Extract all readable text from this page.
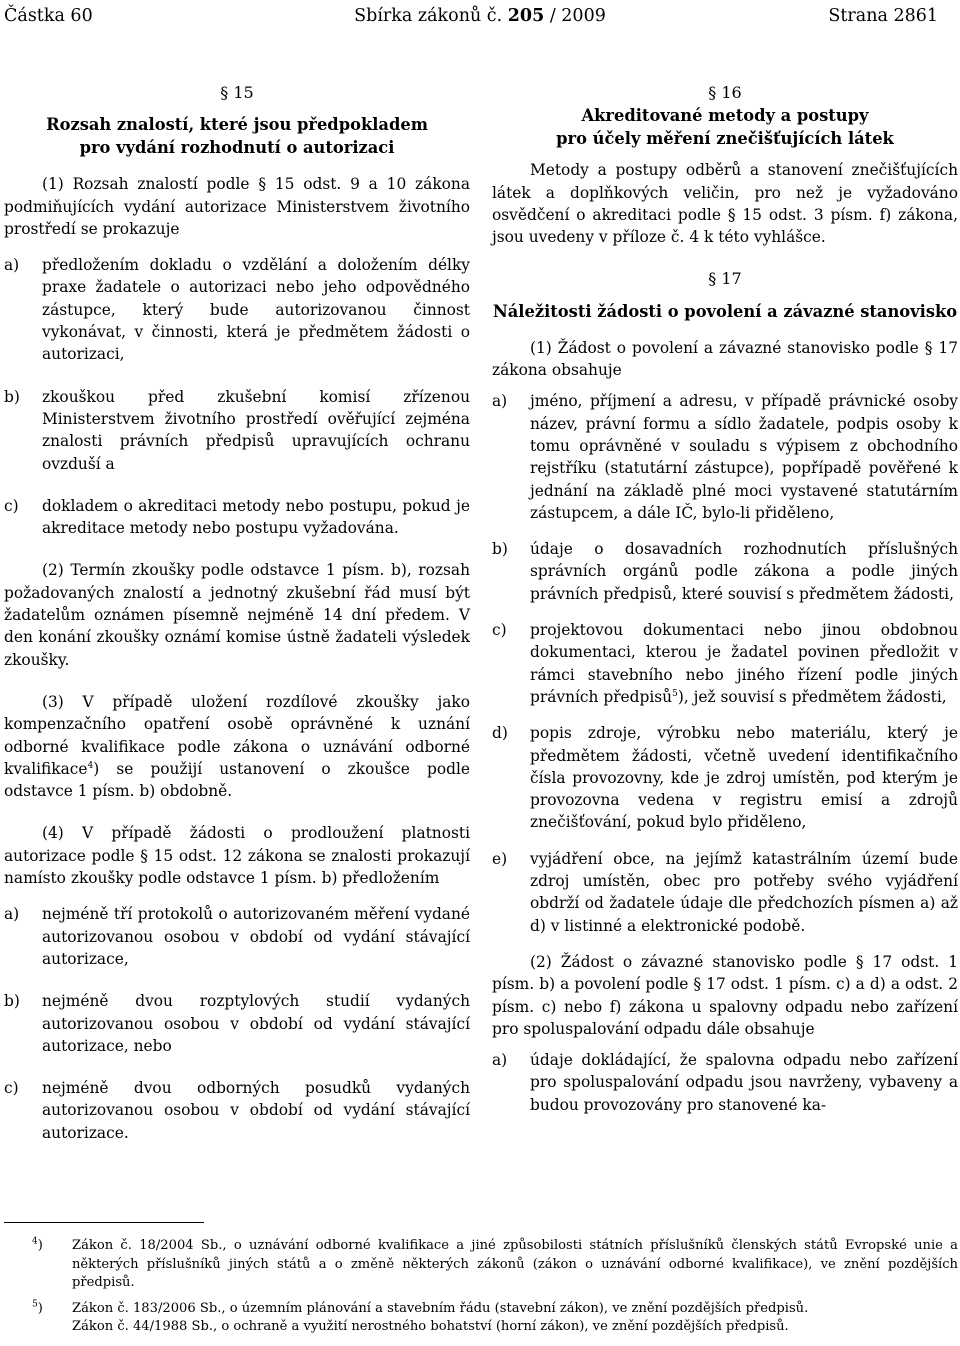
Částka 60	Sbírka zákonů č. 205 / 2009	Strana 2861

§ 15

Rozsah znalostí, které jsou předpokladem

pro vydání rozhodnutí o autorizaci

(1) Rozsah znalostí podle § 15 odst. 9 a 10 zákona podmiňujících vydání autorizace Ministerstvem životního prostředí se prokazuje

a) předložením dokladu o vzdělání a doložením délky praxe žadatele o autorizaci nebo jeho odpovědného zástupce, který bude autorizovanou činnost vykonávat, v činnosti, která je předmětem žádosti o autorizaci,
b) zkouškou před zkušební komisí zřízenou Ministerstvem životního prostředí ověřující zejména znalosti právních předpisů upravujících ochranu ovzduší a
c) dokladem o akreditaci metody nebo postupu, pokud je akreditace metody nebo postupu vyžadována.

(2) Termín zkoušky podle odstavce 1 písm. b), rozsah požadovaných znalostí a jednotný zkušební řád musí být žadatelům oznámen písemně nejméně 14 dní předem. V den konání zkoušky oznámí komise ústně žadateli výsledek zkoušky.

(3) V případě uložení rozdílové zkoušky jako kompenzačního opatření osobě oprávněné k uznání odborné kvalifikace podle zákona o uznávání odborné kvalifikace$^4$) se použijí ustanovení o zkoušce podle odstavce 1 písm. b) obdobně.

(4) V případě žádosti o prodloužení platnosti autorizace podle § 15 odst. 12 zákona se znalosti prokazují namísto zkoušky podle odstavce 1 písm. b) předložením

a) nejméně tří protokolů o autorizovaném měření vydané autorizovanou osobou v období od vydání stávající autorizace,
b) nejméně dvou rozptylových studií vydaných autorizovanou osobou v období od vydání stávající autorizace, nebo
c) nejméně dvou odborných posudků vydaných autorizovanou osobou v období od vydání stávající autorizace.

§ 16

Akreditované metody a postupy

pro účely měření znečišťujících látek

Metody a postupy odběrů a stanovení znečišťujících látek a doplňkových veličin, pro než je vyžadováno osvědčení o akreditaci podle § 15 odst. 3 písm. f) zákona, jsou uvedeny v příloze č. 4 k této vyhlášce.

§ 17

Náležitosti žádosti o povolení a závazné stanovisko

(1) Žádost o povolení a závazné stanovisko podle § 17 zákona obsahuje

a) jméno, příjmení a adresu, v případě právnické osoby název, právní formu a sídlo žadatele, podpis osoby k tomu oprávněné v souladu s výpisem z obchodního rejstříku (statutární zástupce), popřípadě pověřené k jednání na základě plné moci vystavené statutárním zástupcem, a dále IČ, bylo-li přiděleno,
b) údaje o dosavadních rozhodnutích příslušných správních orgánů podle zákona a podle jiných právních předpisů, které souvisí s předmětem žádosti,
c) projektovou dokumentaci nebo jinou obdobnou dokumentaci, kterou je žadatel povinen předložit v rámci stavebního nebo jiného řízení podle jiných právních předpisů$^5$), jež souvisí s předmětem žádosti,
d) popis zdroje, výrobku nebo materiálu, který je předmětem žádosti, včetně uvedení identifikačního čísla provozovny, kde je zdroj umístěn, pod kterým je provozovna vedena v registru emisí a zdrojů znečišťování, pokud bylo přiděleno,
e) vyjádření obce, na jejímž katastrálním území bude zdroj umístěn, obec pro potřeby svého vyjádření obdrží od žadatele údaje dle předchozích písmen a) až d) v listinné a elektronické podobě.

(2) Žádost o závazné stanovisko podle § 17 odst. 1 písm. b) a povolení podle § 17 odst. 1 písm. c) a d) a odst. 2 písm. c) nebo f) zákona u spalovny odpadu nebo zařízení pro spoluspalování odpadu dále obsahuje

a) údaje dokládající, že spalovna odpadu nebo zařízení pro spoluspalování odpadu jsou navrženy, vybaveny a budou provozovány pro stanovené ka-
$^4$) Zákon č. 18/2004 Sb., o uznávání odborné kvalifikace a jiné způsobilosti státních příslušníků členských států Evropské unie a některých příslušníků jiných států a o změně některých zákonů (zákon o uznávání odborné kvalifikace), ve znění pozdějších předpisů.
$^5$) Zákon č. 183/2006 Sb., o územním plánování a stavebním řádu (stavební zákon), ve znění pozdějších předpisů.
Zákon č. 44/1988 Sb., o ochraně a využití nerostného bohatství (horní zákon), ve znění pozdějších předpisů.
